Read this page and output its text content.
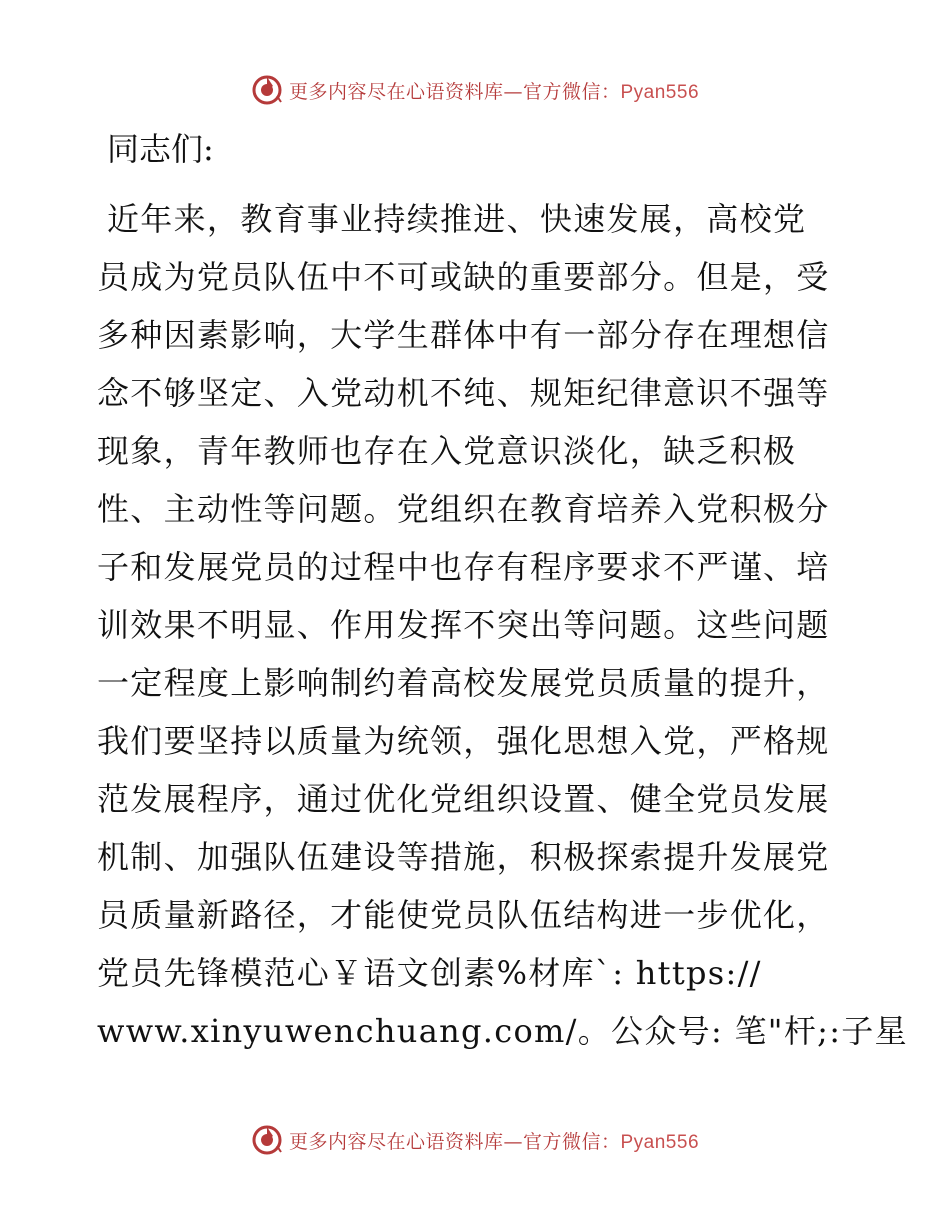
更多内容尽在心语资料库—官方微信：Pyan556
同志们:
近年来，教育事业持续推进、快速发展，高校党
员成为党员队伍中不可或缺的重要部分。但是，受
多种因素影响，大学生群体中有一部分存在理想信
念不够坚定、入党动机不纯、规矩纪律意识不强等
现象，青年教师也存在入党意识淡化，缺乏积极
性、主动性等问题。党组织在教育培养入党积极分
子和发展党员的过程中也存有程序要求不严谨、培
训效果不明显、作用发挥不突出等问题。这些问题
一定程度上影响制约着高校发展党员质量的提升，
我们要坚持以质量为统领，强化思想入党，严格规
范发展程序，通过优化党组织设置、健全党员发展
机制、加强队伍建设等措施，积极探索提升发展党
员质量新路径，才能使党员队伍结构进一步优化，
党员先锋模范心￥语文创素%材库`: https://
www.xinyuwenchuang.com/。公众号: 笔"杆;:子星
更多内容尽在心语资料库—官方微信：Pyan556
